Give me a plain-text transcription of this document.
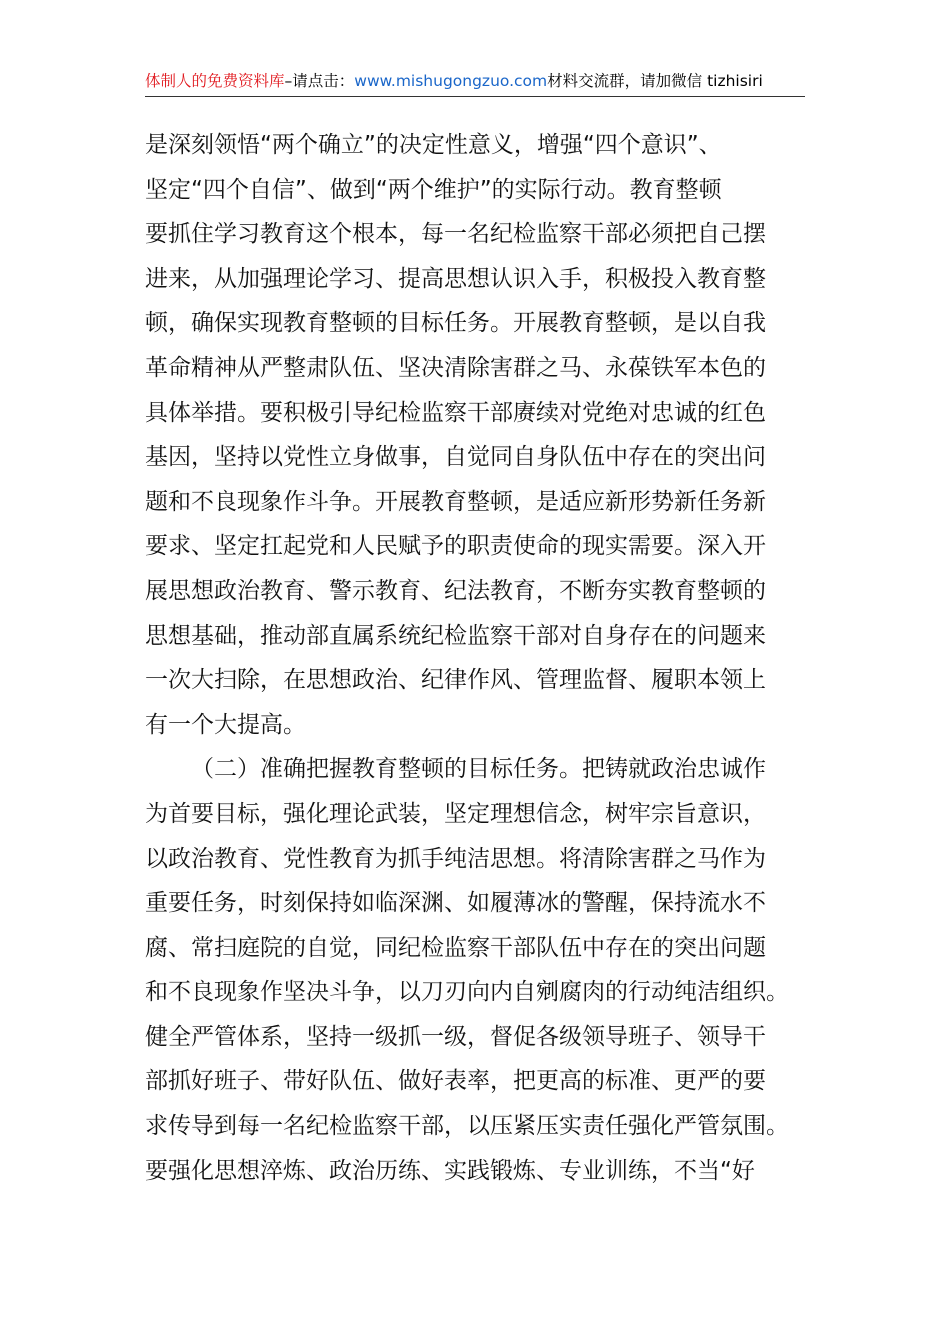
体制人的免费资料库–请点击：www.mishugongzuo.com材料交流群，请加微信 tizhisiri
是深刻领悟“两个确立”的决定性意义，增强“四个意识”、
坚定“四个自信”、做到“两个维护”的实际行动。教育整顿
要抓住学习教育这个根本，每一名纪检监察干部必须把自己摆
进来，从加强理论学习、提高思想认识入手，积极投入教育整
顿，确保实现教育整顿的目标任务。开展教育整顿，是以自我
革命精神从严整肃队伍、坚决清除害群之马、永葆铁军本色的
具体举措。要积极引导纪检监察干部赓续对党绝对忠诚的红色
基因，坚持以党性立身做事，自觉同自身队伍中存在的突出问
题和不良现象作斗争。开展教育整顿，是适应新形势新任务新
要求、坚定扛起党和人民赋予的职责使命的现实需要。深入开
展思想政治教育、警示教育、纪法教育，不断夯实教育整顿的
思想基础，推动部直属系统纪检监察干部对自身存在的问题来
一次大扫除，在思想政治、纪律作风、管理监督、履职本领上
有一个大提高。
（二）准确把握教育整顿的目标任务。把铸就政治忠诚作
为首要目标，强化理论武装，坚定理想信念，树牢宗旨意识，
以政治教育、党性教育为抓手纯洁思想。将清除害群之马作为
重要任务，时刻保持如临深渊、如履薄冰的警醒，保持流水不
腐、常扫庭院的自觉，同纪检监察干部队伍中存在的突出问题
和不良现象作坚决斗争，以刀刃向内自剜腐肉的行动纯洁组织。
健全严管体系，坚持一级抓一级，督促各级领导班子、领导干
部抓好班子、带好队伍、做好表率，把更高的标准、更严的要
求传导到每一名纪检监察干部，以压紧压实责任强化严管氛围。
要强化思想淬炼、政治历练、实践锻炼、专业训练，不当“好
